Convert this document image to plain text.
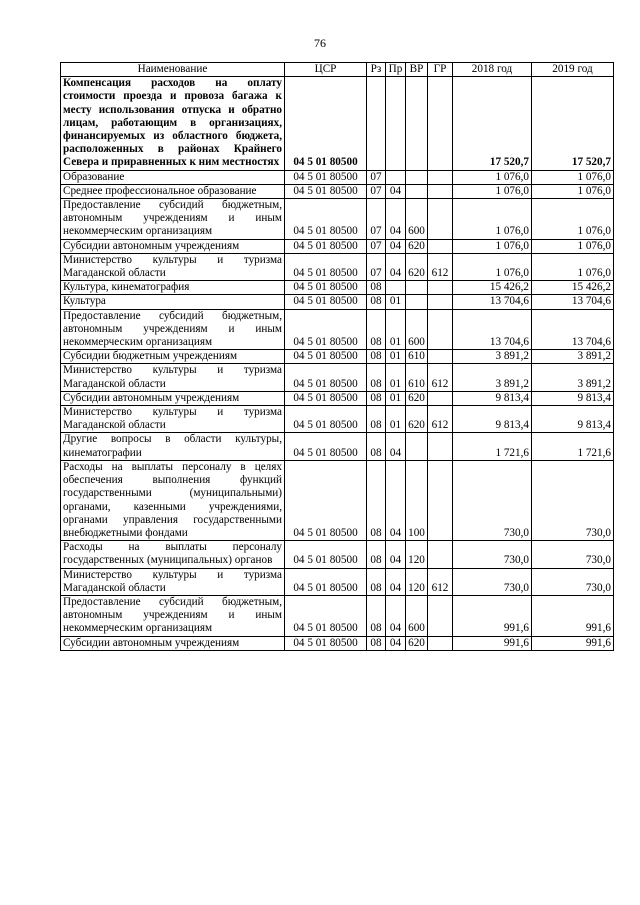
76
Наименование	ЦСР	Рз	Пр	ВР	ГР	2018 год	2019 год
Компенсация расходов на оплату стоимости проезда и провоза багажа к месту использования отпуска и обратно лицам, работающим в организациях, финансируемых из областного бюджета, расположенных в районах Крайнего Севера и приравненных к ним местностях	04 5 01 80500					17 520,7	17 520,7
Образование	04 5 01 80500	07				1 076,0	1 076,0
Среднее профессиональное образование	04 5 01 80500	07	04			1 076,0	1 076,0
Предоставление субсидий бюджетным, автономным учреждениям и иным некоммерческим организациям	04 5 01 80500	07	04	600		1 076,0	1 076,0
Субсидии автономным учреждениям	04 5 01 80500	07	04	620		1 076,0	1 076,0
Министерство культуры и туризма Магаданской области	04 5 01 80500	07	04	620	612	1 076,0	1 076,0
Культура, кинематография	04 5 01 80500	08				15 426,2	15 426,2
Культура	04 5 01 80500	08	01			13 704,6	13 704,6
Предоставление субсидий бюджетным, автономным учреждениям и иным некоммерческим организациям	04 5 01 80500	08	01	600		13 704,6	13 704,6
Субсидии бюджетным учреждениям	04 5 01 80500	08	01	610		3 891,2	3 891,2
Министерство культуры и туризма Магаданской области	04 5 01 80500	08	01	610	612	3 891,2	3 891,2
Субсидии автономным учреждениям	04 5 01 80500	08	01	620		9 813,4	9 813,4
Министерство культуры и туризма Магаданской области	04 5 01 80500	08	01	620	612	9 813,4	9 813,4
Другие вопросы в области культуры, кинематографии	04 5 01 80500	08	04			1 721,6	1 721,6
Расходы на выплаты персоналу в целях обеспечения выполнения функций государственными (муниципальными) органами, казенными учреждениями, органами управления государственными внебюджетными фондами	04 5 01 80500	08	04	100		730,0	730,0
Расходы на выплаты персоналу государственных (муниципальных) органов	04 5 01 80500	08	04	120		730,0	730,0
Министерство культуры и туризма Магаданской области	04 5 01 80500	08	04	120	612	730,0	730,0
Предоставление субсидий бюджетным, автономным учреждениям и иным некоммерческим организациям	04 5 01 80500	08	04	600		991,6	991,6
Субсидии автономным учреждениям	04 5 01 80500	08	04	620		991,6	991,6
